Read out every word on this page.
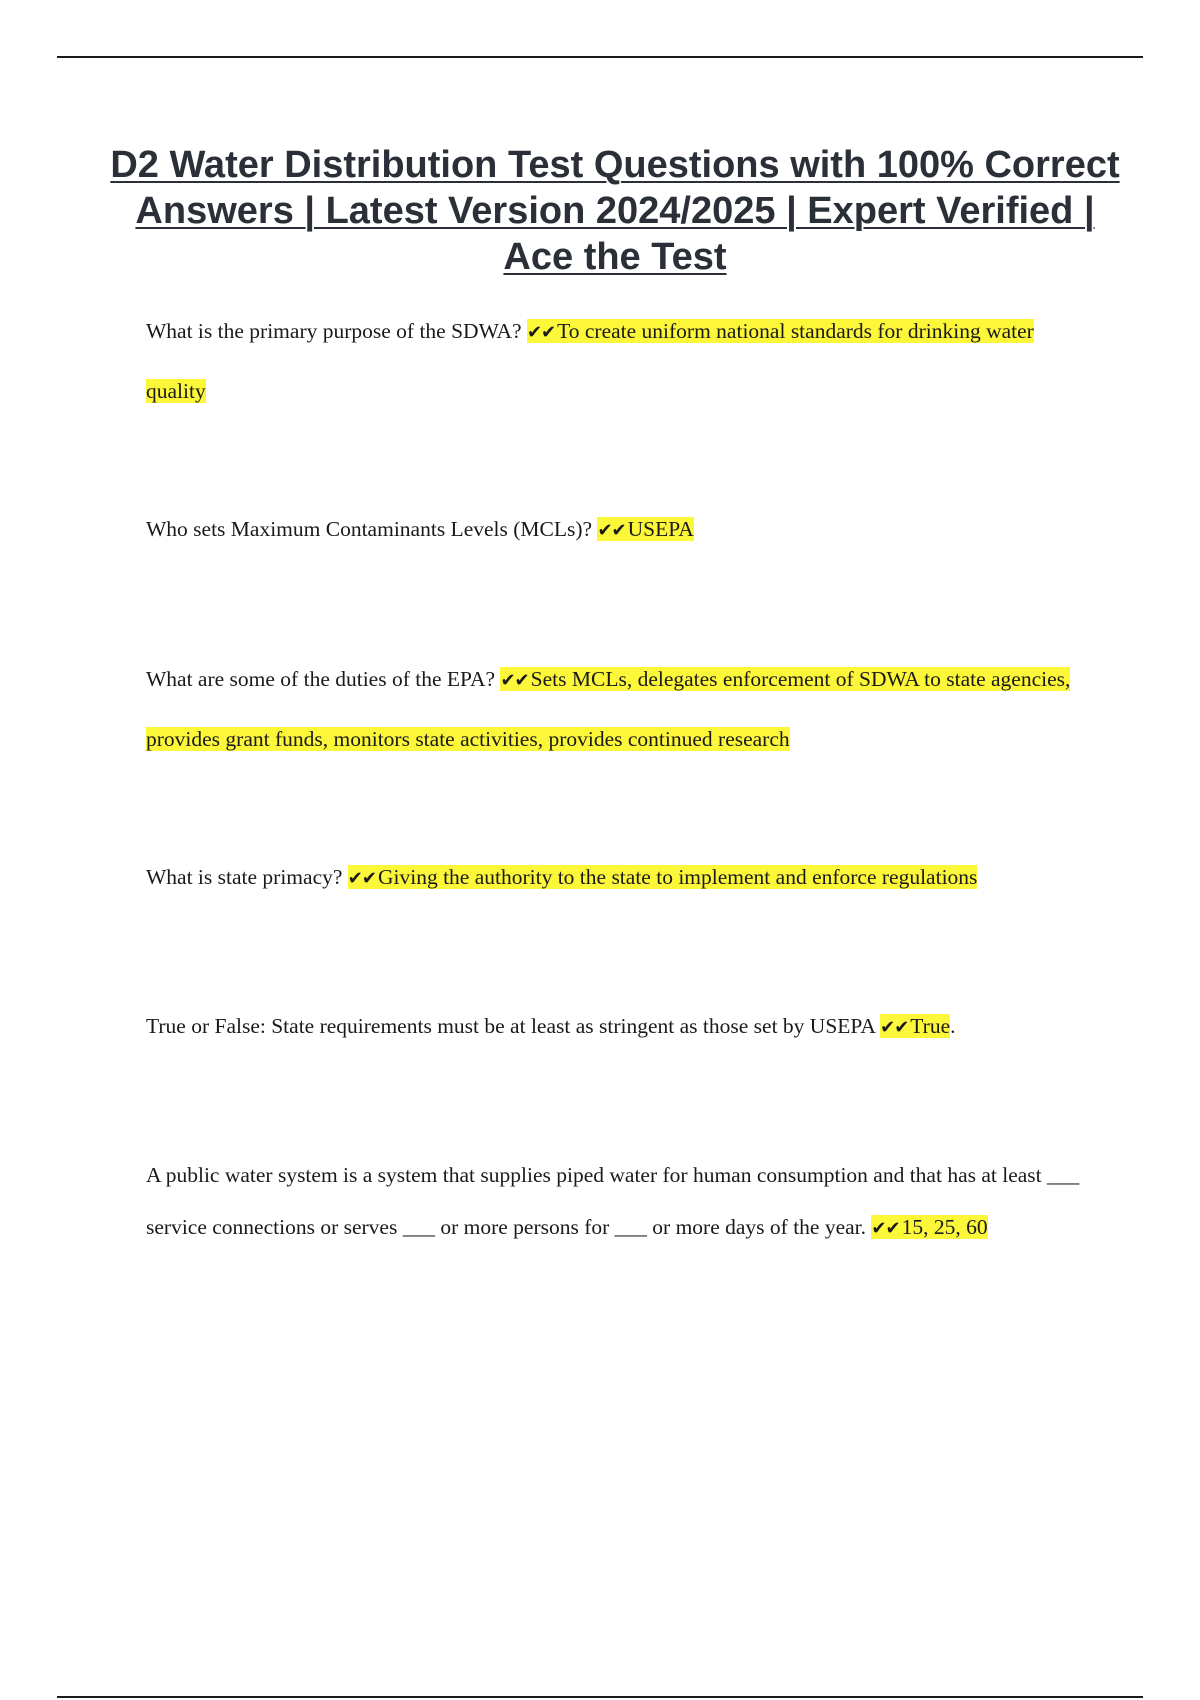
D2 Water Distribution Test Questions with 100% Correct Answers | Latest Version 2024/2025 | Expert Verified | Ace the Test
What is the primary purpose of the SDWA? ✔✔To create uniform national standards for drinking water quality
Who sets Maximum Contaminants Levels (MCLs)? ✔✔USEPA
What are some of the duties of the EPA? ✔✔Sets MCLs, delegates enforcement of SDWA to state agencies, provides grant funds, monitors state activities, provides continued research
What is state primacy? ✔✔Giving the authority to the state to implement and enforce regulations
True or False: State requirements must be at least as stringent as those set by USEPA ✔✔True.
A public water system is a system that supplies piped water for human consumption and that has at least ___ service connections or serves ___ or more persons for ___ or more days of the year. ✔✔15, 25, 60
